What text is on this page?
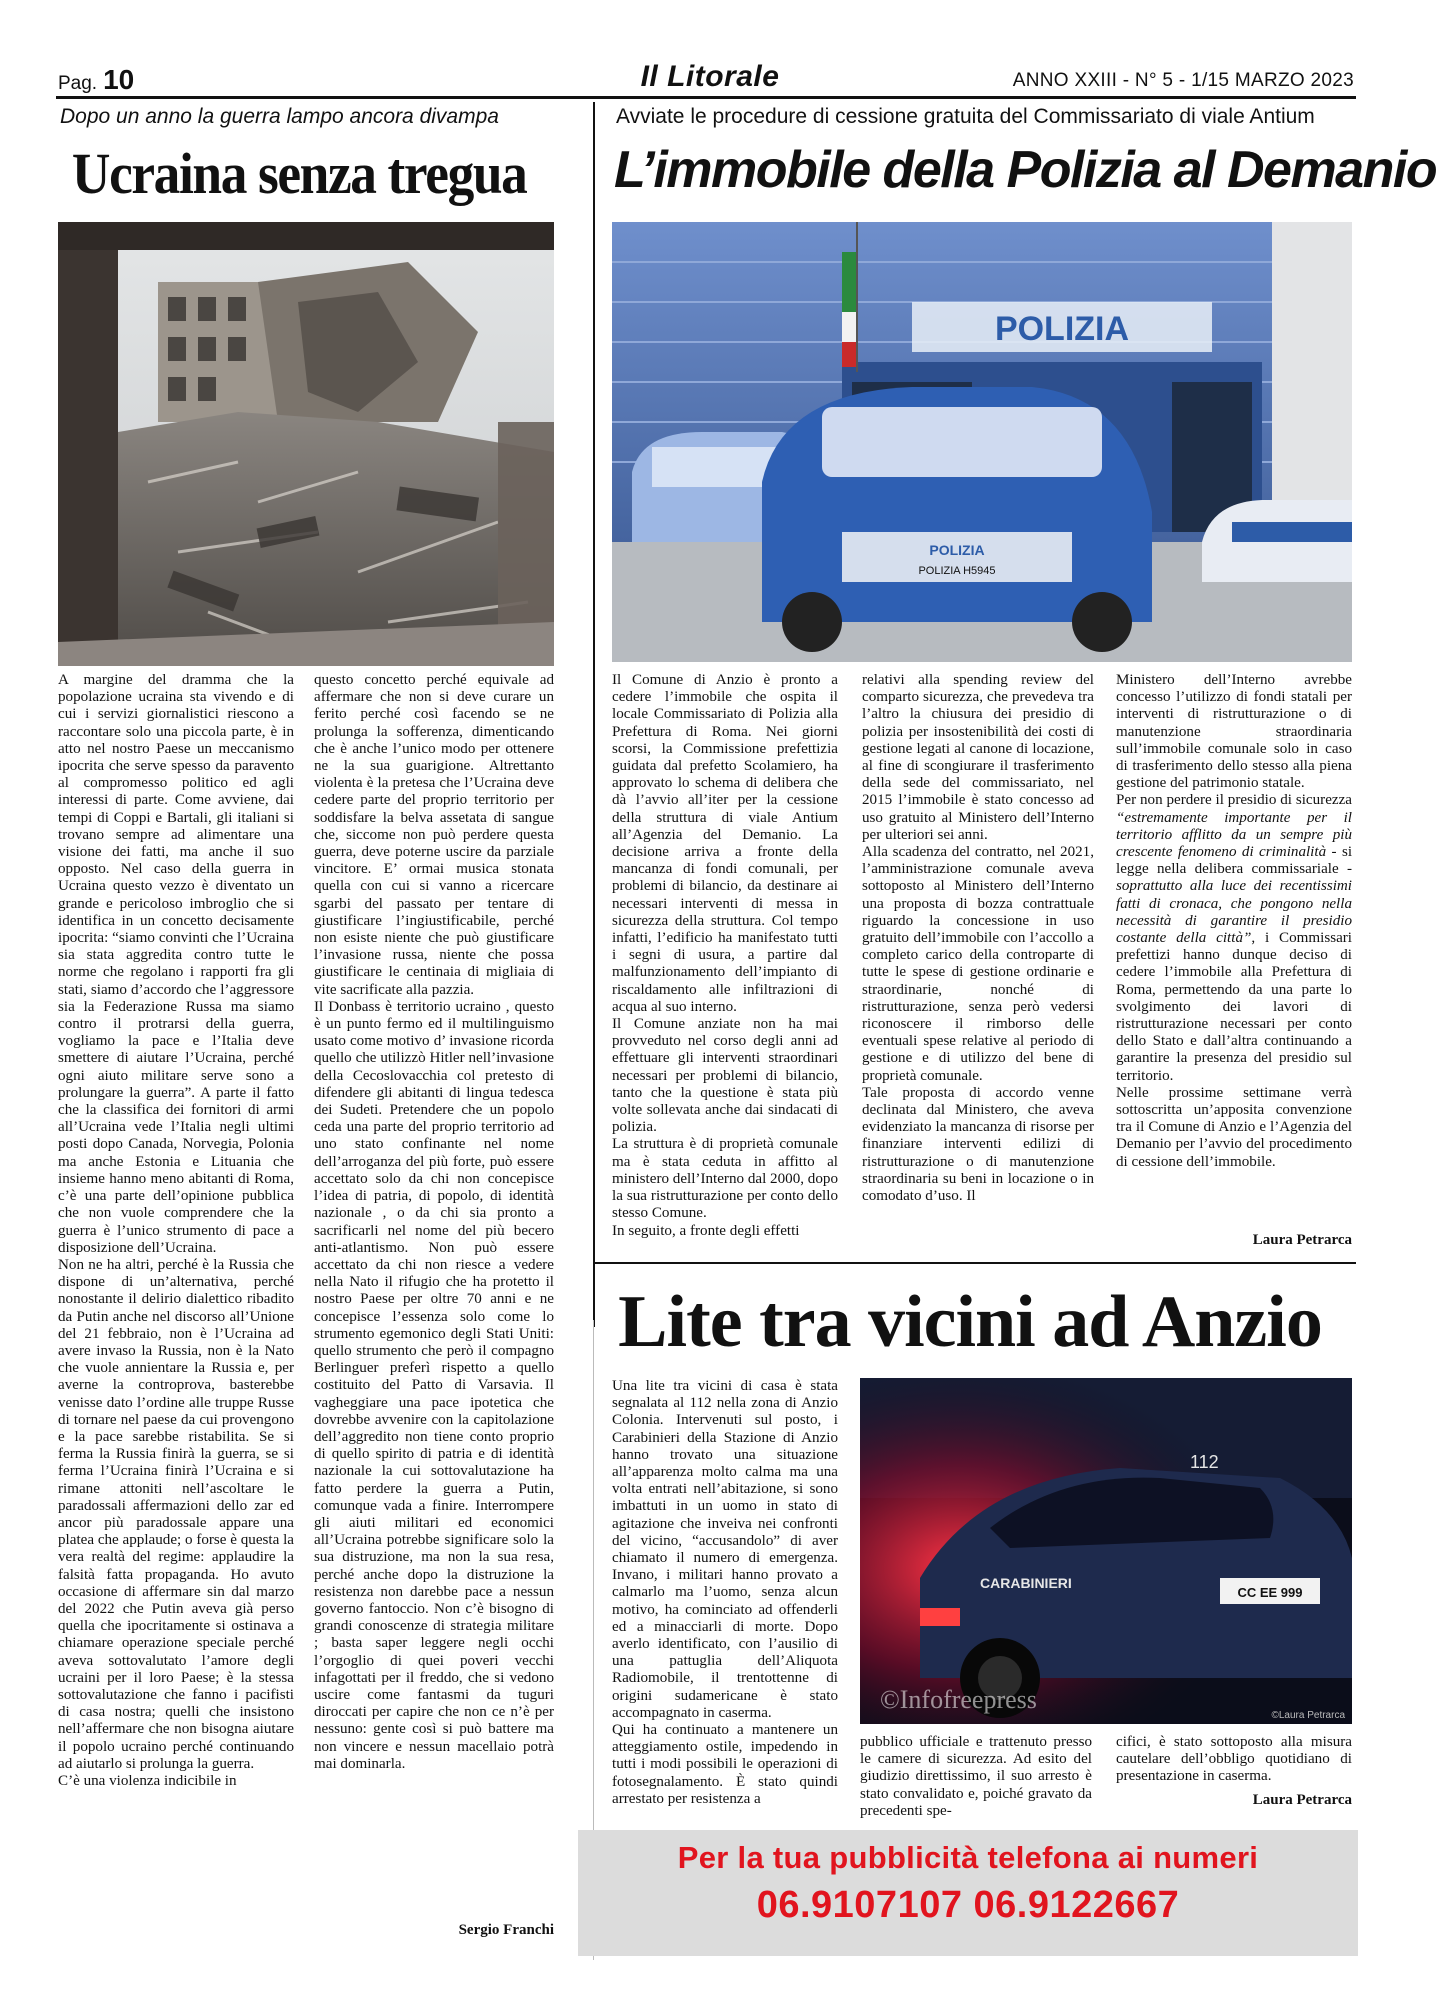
Pag. 10	Il Litorale	ANNO XXIII - N° 5 - 1/15 MARZO 2023
Dopo un anno la guerra lampo ancora divampa
Ucraina senza tregua

A margine del dramma che la popolazione ucraina sta vivendo e di cui i servizi giornalistici riescono a raccontare solo una piccola parte, è in atto nel nostro Paese un meccanismo ipocrita che serve spesso da paravento al compromesso politico ed agli interessi di parte. Come avviene, dai tempi di Coppi e Bartali, gli italiani si trovano sempre ad alimentare una visione dei fatti, ma anche il suo opposto. Nel caso della guerra in Ucraina questo vezzo è diventato un grande e pericoloso imbroglio che si identifica in un concetto decisamente ipocrita: “siamo convinti che l’Ucraina sia stata aggredita contro tutte le norme che regolano i rapporti fra gli stati, siamo d’accordo che l’aggressore sia la Federazione Russa ma siamo contro il protrarsi della guerra, vogliamo la pace e l’Italia deve smettere di aiutare l’Ucraina, perché ogni aiuto militare serve sono a prolungare la guerra”. A parte il fatto che la classifica dei fornitori di armi all’Ucraina vede l’Italia negli ultimi posti dopo Canada, Norvegia, Polonia ma anche Estonia e Lituania che insieme hanno meno abitanti di Roma, c’è una parte dell’opinione pubblica che non vuole comprendere che la guerra è l’unico strumento di pace a disposizione dell’Ucraina.

Non ne ha altri, perché è la Russia che dispone di un’alternativa, perché nonostante il delirio dialettico ribadito da Putin anche nel discorso all’Unione del 21 febbraio, non è l’Ucraina ad avere invaso la Russia, non è la Nato che vuole annientare la Russia e, per averne la controprova, basterebbe venisse dato l’ordine alle truppe Russe di tornare nel paese da cui provengono e la pace sarebbe ristabilita. Se si ferma la Russia finirà la guerra, se si ferma l’Ucraina finirà l’Ucraina e si rimane attoniti nell’ascoltare le paradossali affermazioni dello zar ed ancor più paradossale appare una platea che applaude; o forse è questa la vera realtà del regime: applaudire la falsità fatta propaganda. Ho avuto occasione di affermare sin dal marzo del 2022 che Putin aveva già perso quella che ipocritamente si ostinava a chiamare operazione speciale perché aveva sottovalutato l’amore degli ucraini per il loro Paese; è la stessa sottovalutazione che fanno i pacifisti di casa nostra; quelli che insistono nell’affermare che non bisogna aiutare il popolo ucraino perché continuando ad aiutarlo si prolunga la guerra.

C’è una violenza indicibile in

questo concetto perché equivale ad affermare che non si deve curare un ferito perché così facendo se ne prolunga la sofferenza, dimenticando che è anche l’unico modo per ottenere ne la sua guarigione. Altrettanto violenta è la pretesa che l’Ucraina deve cedere parte del proprio territorio per soddisfare la belva assetata di sangue che, siccome non può perdere questa guerra, deve poterne uscire da parziale vincitore. E’ ormai musica stonata quella con cui si vanno a ricercare sgarbi del passato per tentare di giustificare l’ingiustificabile, perché non esiste niente che può giustificare l’invasione russa, niente che possa giustificare le centinaia di migliaia di vite sacrificate alla pazzia.

Il Donbass è territorio ucraino , questo è un punto fermo ed il multilinguismo usato come motivo d’ invasione ricorda quello che utilizzò Hitler nell’invasione della Cecoslovacchia col pretesto di difendere gli abitanti di lingua tedesca dei Sudeti. Pretendere che un popolo ceda una parte del proprio territorio ad uno stato confinante nel nome dell’arroganza del più forte, può essere accettato solo da chi non concepisce l’idea di patria, di popolo, di identità nazionale , o da chi sia pronto a sacrificarli nel nome del più becero anti-atlantismo. Non può essere accettato da chi non riesce a vedere nella Nato il rifugio che ha protetto il nostro Paese per oltre 70 anni e ne concepisce l’essenza solo come lo strumento egemonico degli Stati Uniti: quello strumento che però il compagno Berlinguer preferì rispetto a quello costituito del Patto di Varsavia. Il vagheggiare una pace ipotetica che dovrebbe avvenire con la capitolazione dell’aggredito non tiene conto proprio di quello spirito di patria e di identità nazionale la cui sottovalutazione ha fatto perdere la guerra a Putin, comunque vada a finire. Interrompere gli aiuti militari ed economici all’Ucraina potrebbe significare solo la sua distruzione, ma non la sua resa, perché anche dopo la distruzione la resistenza non darebbe pace a nessun governo fantoccio. Non c’è bisogno di grandi conoscenze di strategia militare ; basta saper leggere negli occhi l’orgoglio di quei poveri vecchi infagottati per il freddo, che si vedono uscire come fantasmi da tuguri diroccati per capire che non ce n’è per nessuno: gente così si può battere ma non vincere e nessun macellaio potrà mai dominarla.

Sergio Franchi
Avviate le procedure di cessione gratuita del Commissariato di viale Antium
L’immobile della Polizia al Demanio
POLIZIA
POLIZIA
POLIZIA H5945

Il Comune di Anzio è pronto a cedere l’immobile che ospita il locale Commissariato di Polizia alla Prefettura di Roma. Nei giorni scorsi, la Commissione prefettizia guidata dal prefetto Scolamiero, ha approvato lo schema di delibera che dà l’avvio all’iter per la cessione della struttura di viale Antium all’Agenzia del Demanio. La decisione arriva a fronte della mancanza di fondi comunali, per problemi di bilancio, da destinare ai necessari interventi di messa in sicurezza della struttura. Col tempo infatti, l’edificio ha manifestato tutti i segni di usura, a partire dal malfunzionamento dell’impianto di riscaldamento alle infiltrazioni di acqua al suo interno.

Il Comune anziate non ha mai provveduto nel corso degli anni ad effettuare gli interventi straordinari necessari per problemi di bilancio, tanto che la questione è stata più volte sollevata anche dai sindacati di polizia.

La struttura è di proprietà comunale ma è stata ceduta in affitto al ministero dell’Interno dal 2000, dopo la sua ristrutturazione per conto dello stesso Comune.

In seguito, a fronte degli effetti

relativi alla spending review del comparto sicurezza, che prevedeva tra l’altro la chiusura dei presidio di polizia per insostenibilità dei costi di gestione legati al canone di locazione, al fine di scongiurare il trasferimento della sede del commissariato, nel 2015 l’immobile è stato concesso ad uso gratuito al Ministero dell’Interno per ulteriori sei anni.

Alla scadenza del contratto, nel 2021, l’amministrazione comunale aveva sottoposto al Ministero dell’Interno una proposta di bozza contrattuale riguardo la concessione in uso gratuito dell’immobile con l’accollo a completo carico della controparte di tutte le spese di gestione ordinarie e straordinarie, nonché di ristrutturazione, senza però vedersi riconoscere il rimborso delle eventuali spese relative al periodo di gestione e di utilizzo del bene di proprietà comunale.

Tale proposta di accordo venne declinata dal Ministero, che aveva evidenziato la mancanza di risorse per finanziare interventi edilizi di ristrutturazione o di manutenzione straordinaria su beni in locazione o in comodato d’uso. Il

Ministero dell’Interno avrebbe concesso l’utilizzo di fondi statali per interventi di ristrutturazione o di manutenzione straordinaria sull’immobile comunale solo in caso di trasferimento dello stesso alla piena gestione del patrimonio statale.

Per non perdere il presidio di sicurezza “estremamente importante per il territorio afflitto da un sempre più crescente fenomeno di criminalità - si legge nella delibera commissariale - soprattutto alla luce dei recentissimi fatti di cronaca, che pongono nella necessità di garantire il presidio costante della città”, i Commissari prefettizi hanno dunque deciso di cedere l’immobile alla Prefettura di Roma, permettendo da una parte lo svolgimento dei lavori di ristrutturazione necessari per conto dello Stato e dall’altra continuando a garantire la presenza del presidio sul territorio.

Nelle prossime settimane verrà sottoscritta un’apposita convenzione tra il Comune di Anzio e l’Agenzia del Demanio per l’avvio del procedimento di cessione dell’immobile.

Laura Petrarca
Lite tra vicini ad Anzio

Una lite tra vicini di casa è stata segnalata al 112 nella zona di Anzio Colonia. Intervenuti sul posto, i Carabinieri della Stazione di Anzio hanno trovato una situazione all’apparenza molto calma ma una volta entrati nell’abitazione, si sono imbattuti in un uomo in stato di agitazione che inveiva nei confronti del vicino, “accusandolo” di aver chiamato il numero di emergenza. Invano, i militari hanno provato a calmarlo ma l’uomo, senza alcun motivo, ha cominciato ad offenderli ed a minacciarli di morte. Dopo averlo identificato, con l’ausilio di una pattuglia dell’Aliquota Radiomobile, il trentottenne di origini sudamericane è stato accompagnato in caserma.

Qui ha continuato a mantenere un atteggiamento ostile, impedendo in tutti i modi possibili le operazioni di fotosegnalamento. È stato quindi arrestato per resistenza a

112
CARABINIERI
CC EE 999
©Infofreepress
©Laura Petrarca

pubblico ufficiale e trattenuto presso le camere di sicurezza. Ad esito del giudizio direttissimo, il suo arresto è stato convalidato e, poiché gravato da precedenti spe-

cifici, è stato sottoposto alla misura cautelare dell’obbligo quotidiano di presentazione in caserma.

Laura Petrarca
Per la tua pubblicità telefona ai numeri
06.9107107 06.9122667
